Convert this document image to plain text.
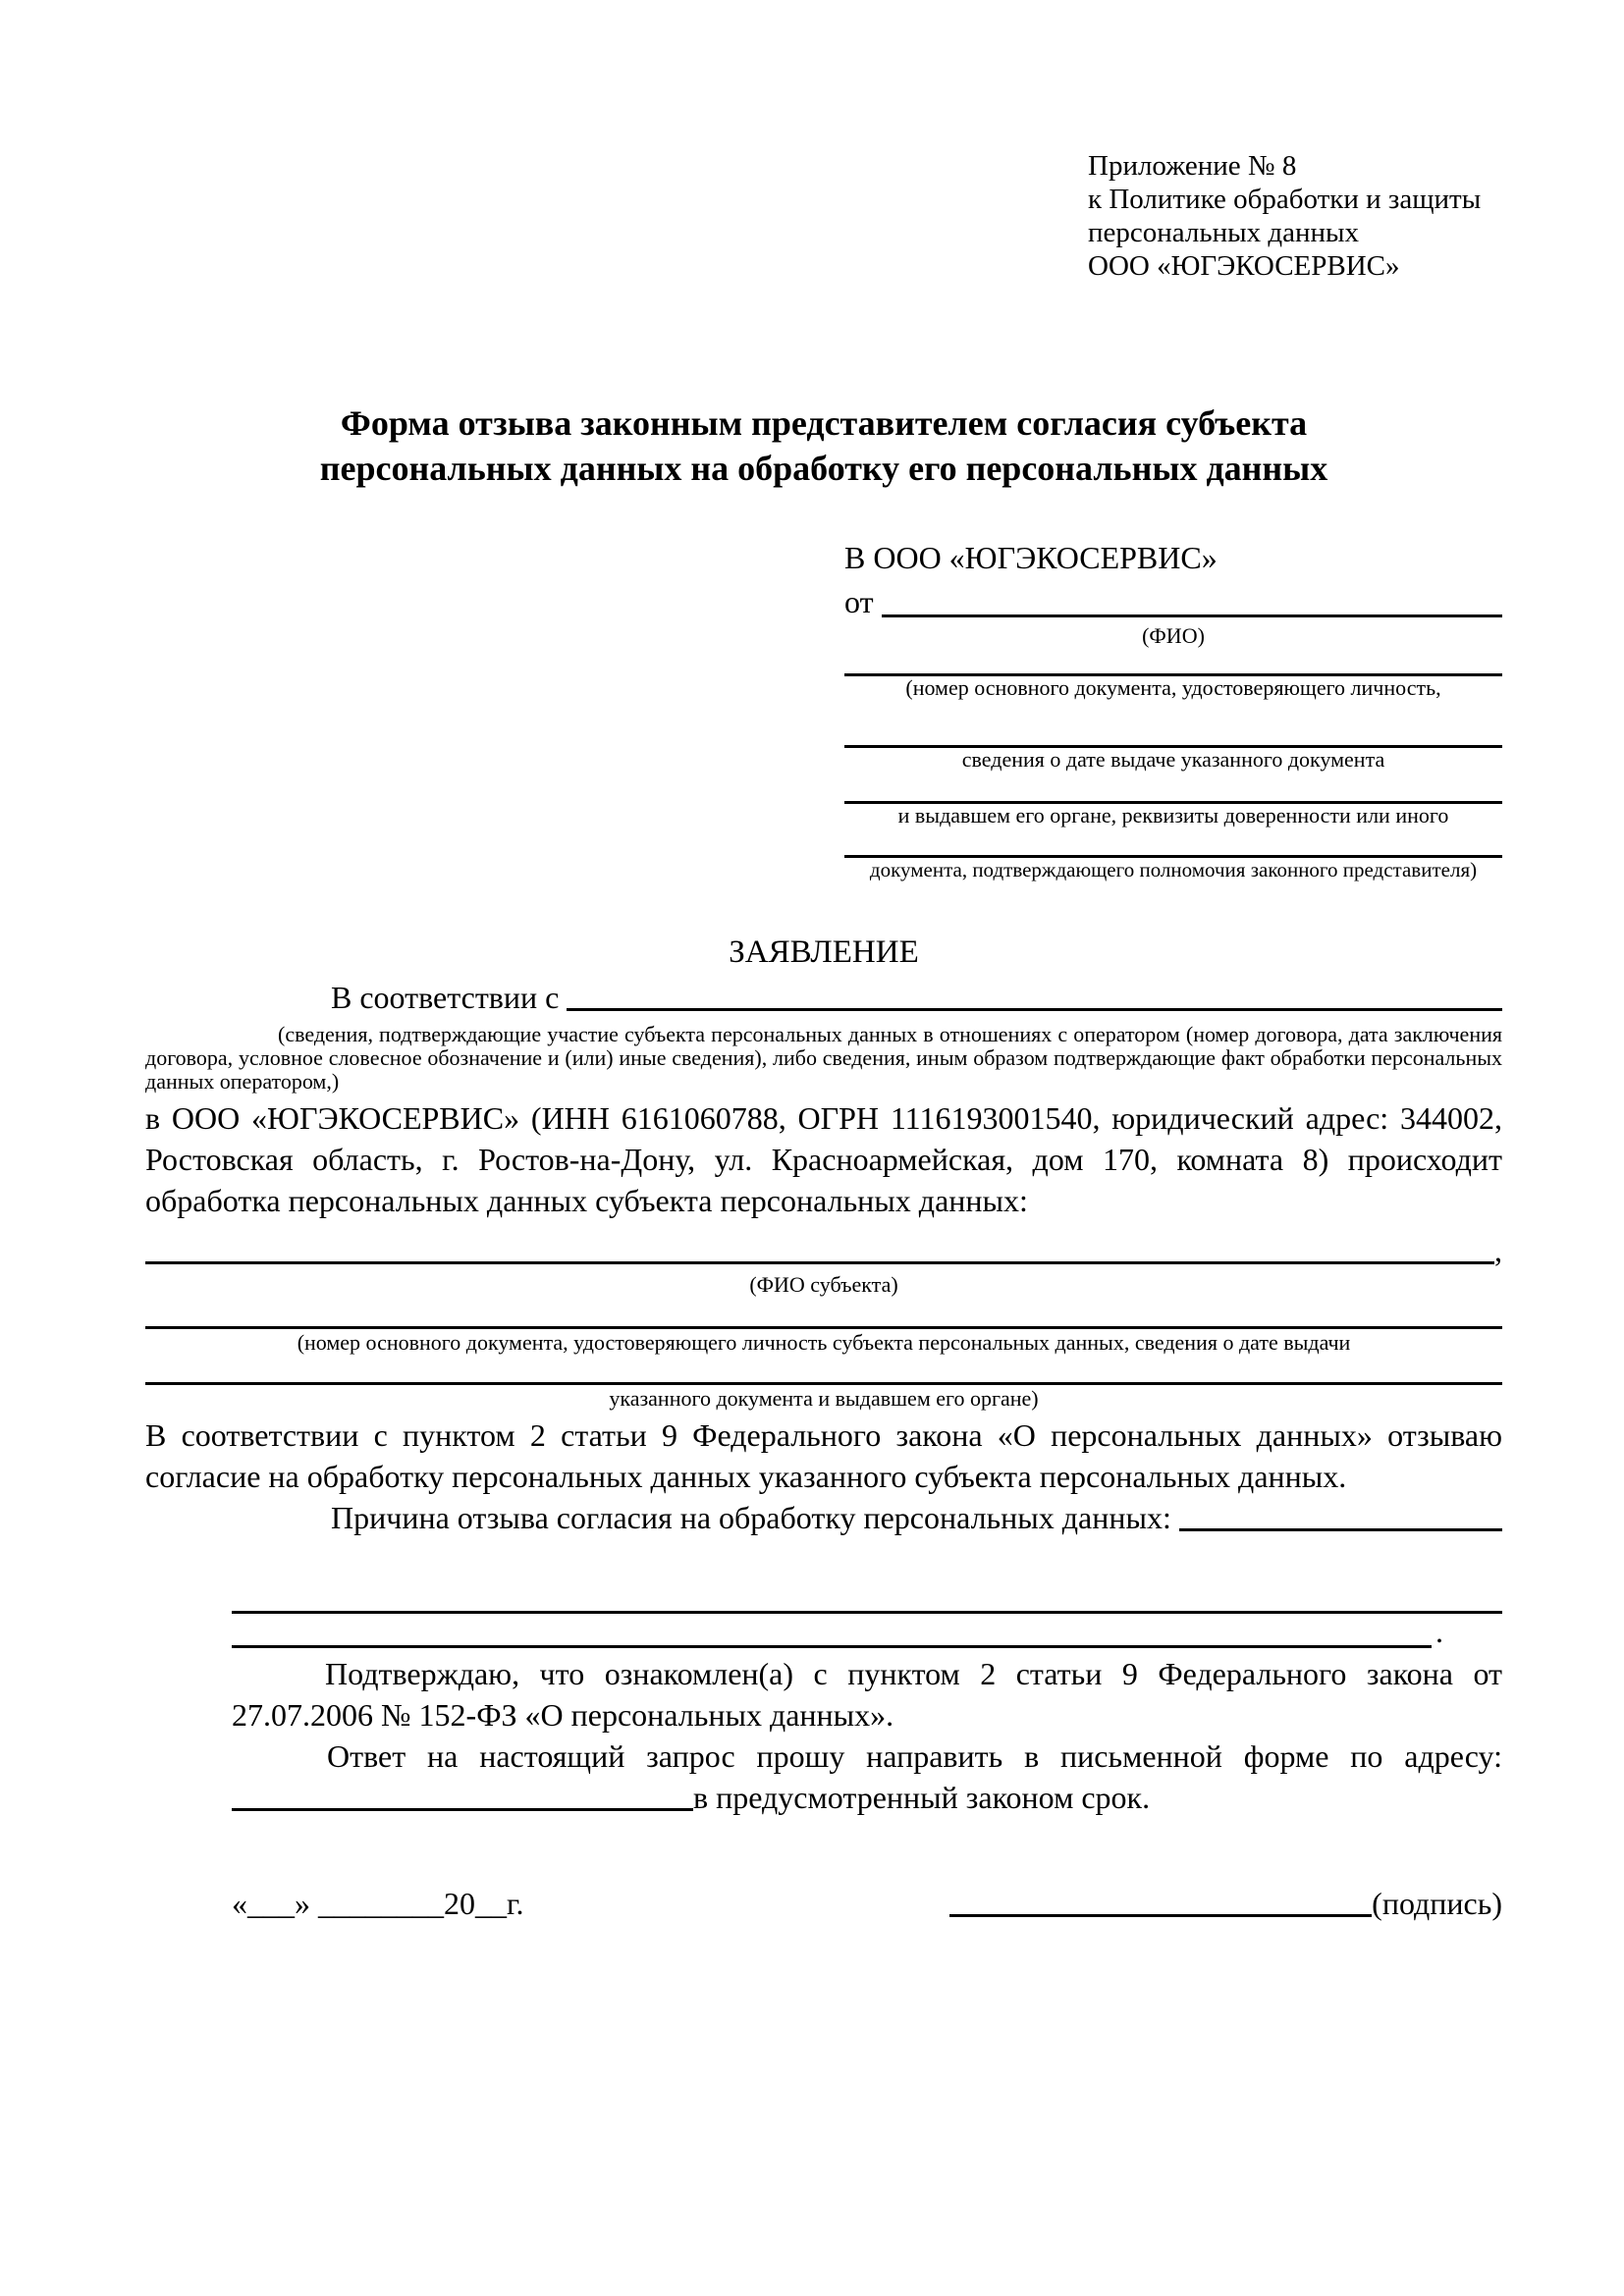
Приложение № 8
к Политике обработки и защиты
персональных данных
ООО «ЮГЭКОСЕРВИС»
Форма отзыва законным представителем согласия субъекта
персональных данных на обработку его персональных данных
В ООО «ЮГЭКОСЕРВИС»
от
(ФИО)
(номер основного документа, удостоверяющего личность,
сведения о дате выдаче указанного документа
и выдавшем его органе, реквизиты доверенности или иного
документа, подтверждающего полномочия законного представителя)
ЗАЯВЛЕНИЕ
В соответствии с
(сведения, подтверждающие участие субъекта персональных данных в отношениях с оператором (номер договора, дата заключения договора, условное словесное обозначение и (или) иные сведения), либо сведения, иным образом подтверждающие факт обработки персональных данных оператором,)
в ООО «ЮГЭКОСЕРВИС» (ИНН 6161060788, ОГРН 1116193001540, юридический адрес: 344002, Ростовская область, г. Ростов-на-Дону, ул. Красноармейская, дом 170, комната 8) происходит обработка персональных данных субъекта персональных данных:
,
(ФИО субъекта)
(номер основного документа, удостоверяющего личность субъекта персональных данных, сведения о дате выдачи
указанного документа и выдавшем его органе)
В соответствии с пунктом 2 статьи 9 Федерального закона «О персональных данных» отзываю согласие на обработку персональных данных указанного субъекта персональных данных.
Причина отзыва согласия на обработку персональных данных:
.
Подтверждаю, что ознакомлен(а) с пунктом 2 статьи 9 Федерального закона от 27.07.2006 № 152-ФЗ «О персональных данных».
Ответ на настоящий запрос прошу направить в письменной форме по адресу:
в предусмотренный законом срок.
«___» ________20__г.	(подпись)
